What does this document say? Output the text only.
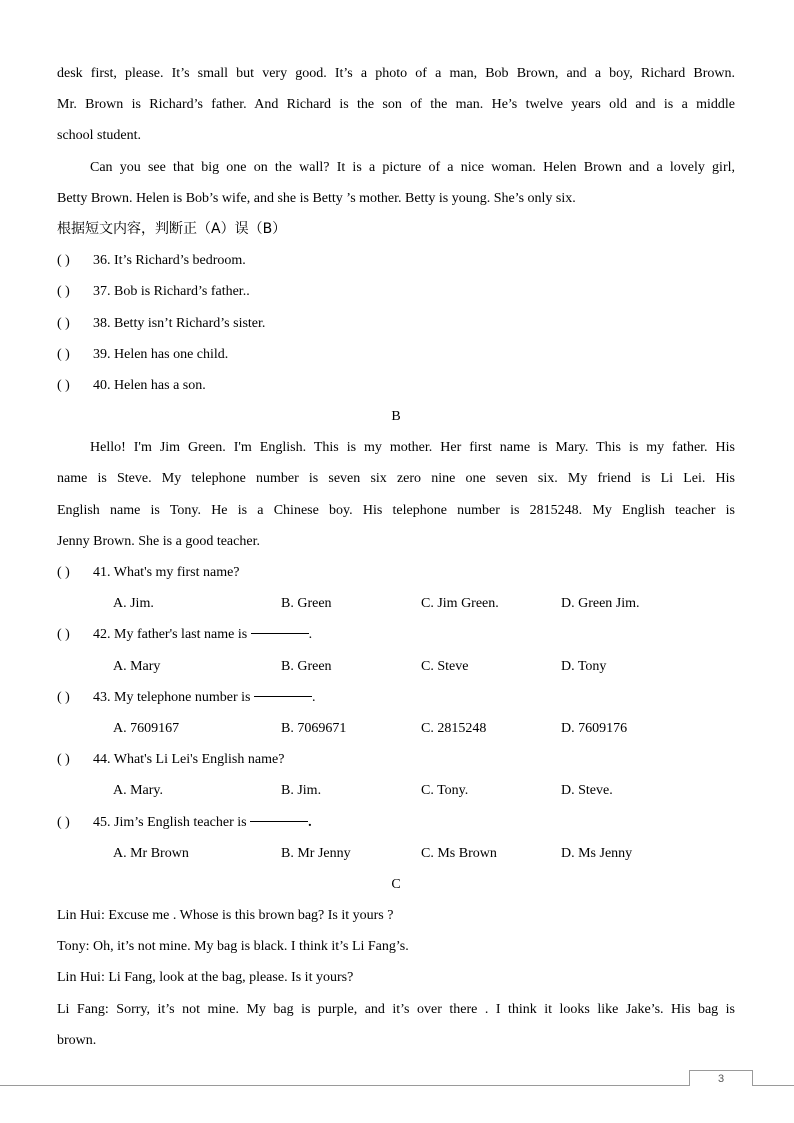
desk first, please. It’s small but very good. It’s a photo of a man, Bob Brown, and a boy, Richard Brown.
Mr. Brown is Richard’s father. And Richard is the son of the man. He’s twelve years old and is a middle
school student.
Can you see that big one on the wall? It is a picture of a nice woman. Helen Brown and a lovely girl,
Betty Brown. Helen is Bob’s wife, and she is Betty ’s mother. Betty is young. She’s only six.
根据短文内容，判断正（A）误（B）
( )	36. It’s Richard’s bedroom.
( )	37. Bob is Richard’s father..
( )	38. Betty isn’t Richard’s sister.
( )	39. Helen has one child.
( )	40. Helen has a son.
B
Hello! I'm Jim Green. I'm English. This is my mother. Her first name is Mary. This is my father. His
name is Steve. My telephone number is seven six zero nine one seven six. My friend is Li Lei. His
English name is Tony. He is a Chinese boy. His telephone number is 2815248. My English teacher is
Jenny Brown. She is a good teacher.
( )	41. What's my first name?
A. Jim.	B. Green	C. Jim Green.	D. Green Jim.
( )	42. My father's last name is	.
A. Mary	B. Green	C. Steve	D. Tony
( )	43. My telephone number is	.
A. 7609167	B. 7069671	C. 2815248	D. 7609176
( )	44. What's Li Lei's English name?
A. Mary.	B. Jim.	C. Tony.	D. Steve.
( )	45. Jim’s English teacher is	.
A. Mr Brown	B. Mr Jenny	C. Ms Brown	D. Ms Jenny
C
Lin Hui: Excuse me . Whose is this brown bag? Is it yours ?
Tony: Oh, it’s not mine. My bag is black. I think it’s Li Fang’s.
Lin Hui: Li Fang, look at the bag, please. Is it yours?
Li Fang: Sorry, it’s not mine. My bag is purple, and it’s over there . I think it looks like Jake’s. His bag is
brown.
3
